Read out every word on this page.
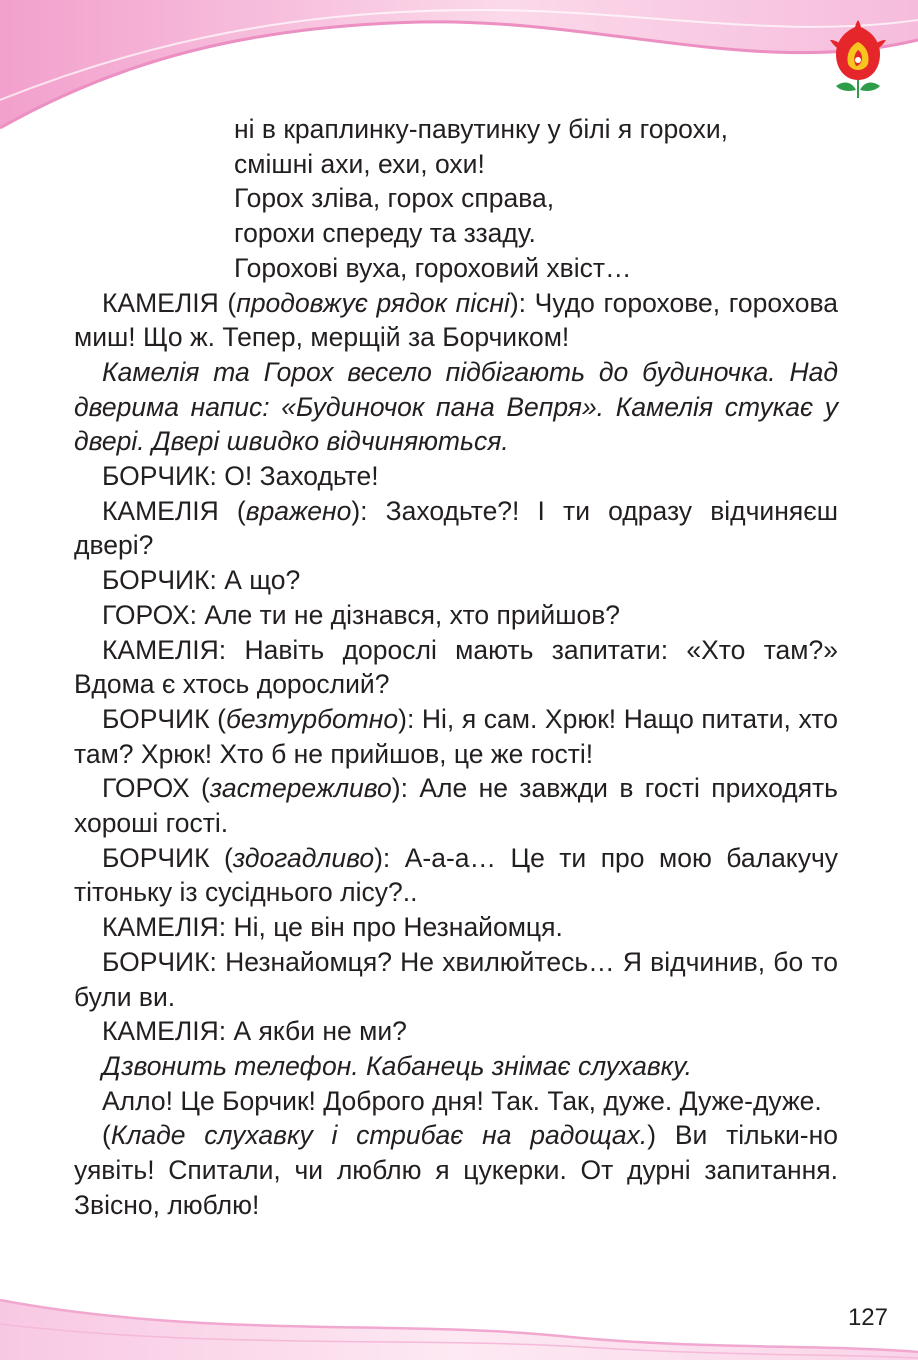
ні в краплинку-павутинку у білі я горохи,
смішні ахи, ехи, охи!
Горох зліва, горох справа,
горохи спереду та ззаду.
Горохові вуха, гороховий хвіст…
КАМЕЛІЯ (продовжує рядок пісні): Чудо горохове, горохова миш! Що ж. Тепер, мерщій за Борчиком!
Камелія та Горох весело підбігають до будиночка. Над дверима напис: «Будиночок пана Вепря». Камелія стукає у двері. Двері швидко відчиняються.
БОРЧИК: О! Заходьте!
КАМЕЛІЯ (вражено): Заходьте?! І ти одразу відчиняєш двері?
БОРЧИК: А що?
ГОРОХ: Але ти не дізнався, хто прийшов?
КАМЕЛІЯ: Навіть дорослі мають запитати: «Хто там?» Вдома є хтось дорослий?
БОРЧИК (безтурботно): Ні, я сам. Хрюк! Нащо питати, хто там? Хрюк! Хто б не прийшов, це же гості!
ГОРОХ (застережливо): Але не завжди в гості приходять хороші гості.
БОРЧИК (здогадливо): А-а-а… Це ти про мою балакучу тітоньку із сусіднього лісу?..
КАМЕЛІЯ: Ні, це він про Незнайомця.
БОРЧИК: Незнайомця? Не хвилюйтесь… Я відчинив, бо то були ви.
КАМЕЛІЯ: А якби не ми?
Дзвонить телефон. Кабанець знімає слухавку.
Алло! Це Борчик! Доброго дня! Так. Так, дуже. Дуже-дуже.
(Кладе слухавку і стрибає на радощах.) Ви тільки-но уявіть! Спитали, чи люблю я цукерки. От дурні запитання. Звісно, люблю!
127
